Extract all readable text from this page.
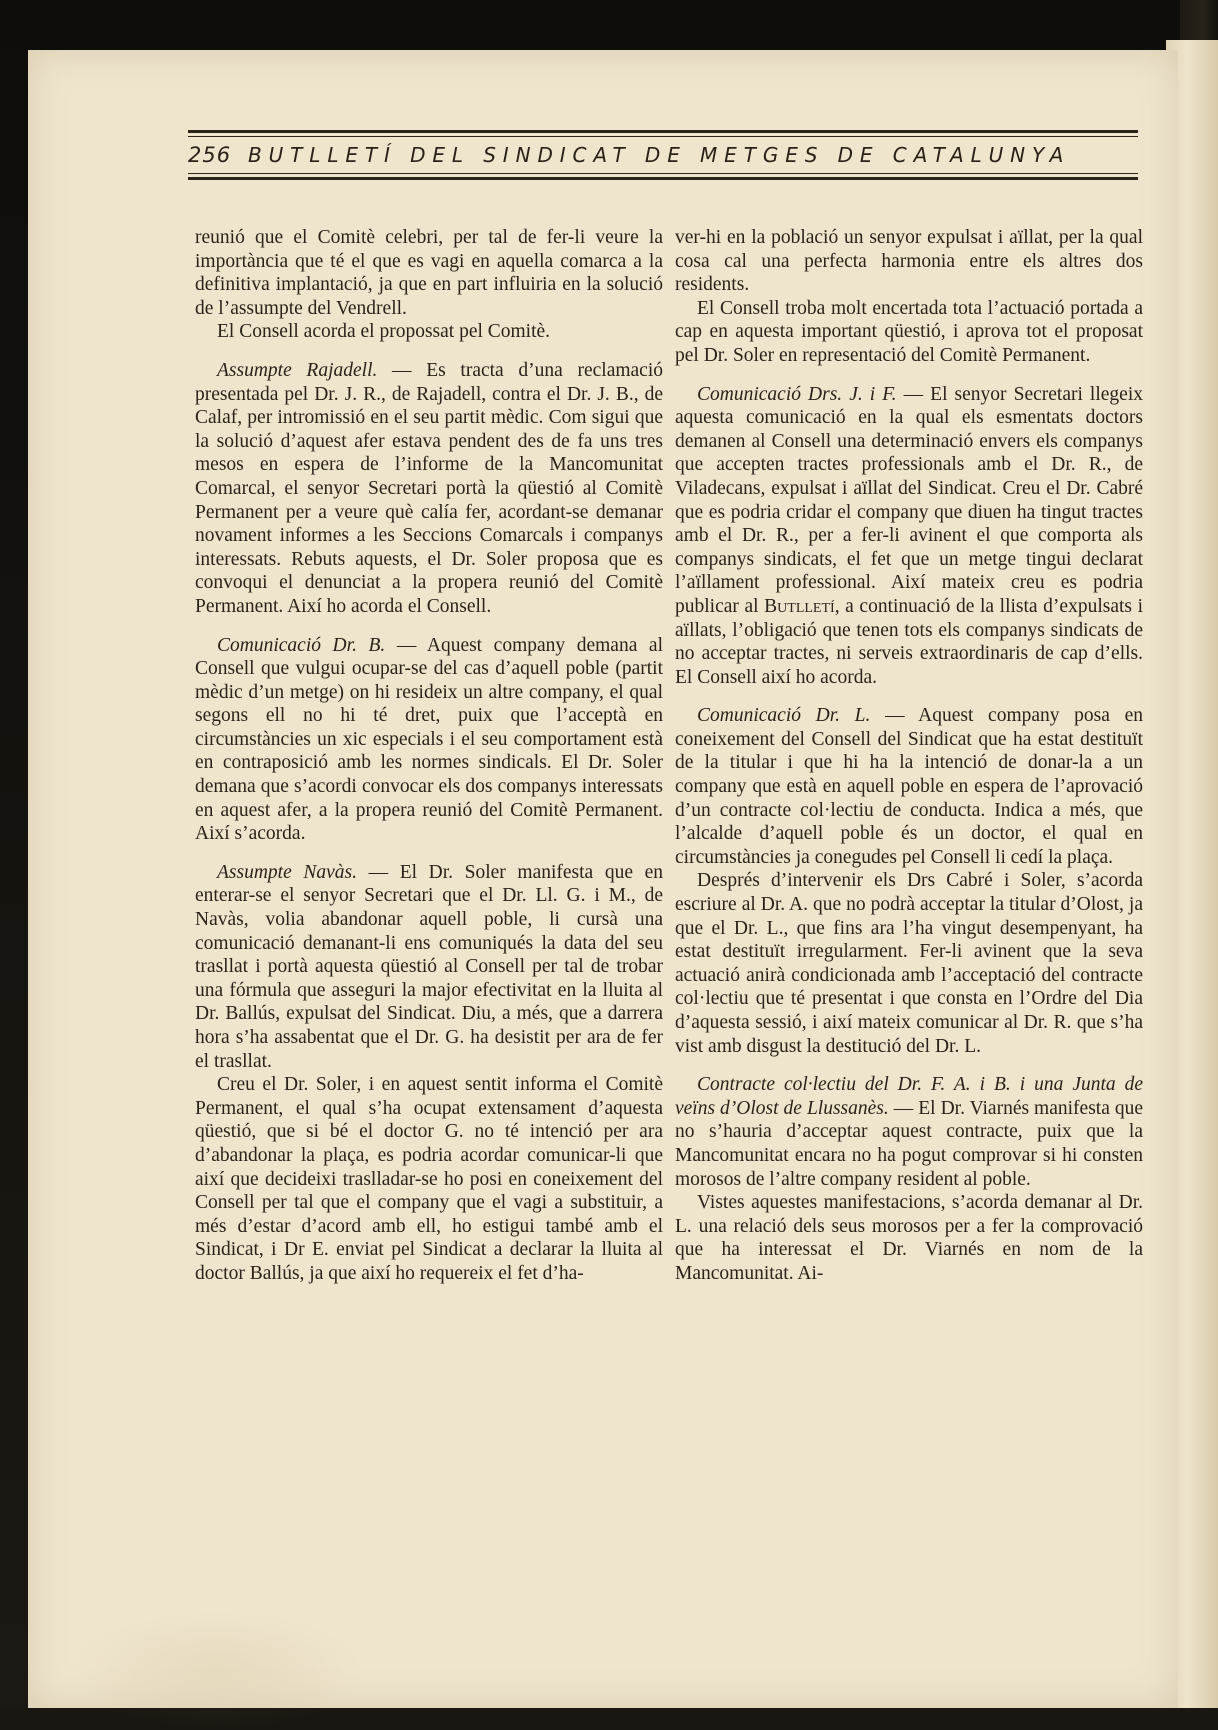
256 BUTLLETÍ DEL SINDICAT DE METGES DE CATALUNYA

reunió que el Comitè celebri, per tal de fer-li veure la importància que té el que es vagi en aquella comarca a la definitiva implantació, ja que en part influiria en la solució de l’assumpte del Vendrell.

El Consell acorda el propossat pel Comitè.

Assumpte Rajadell. — Es tracta d’una reclamació presentada pel Dr. J. R., de Rajadell, contra el Dr. J. B., de Calaf, per intromissió en el seu partit mèdic. Com sigui que la solució d’aquest afer estava pendent des de fa uns tres mesos en espera de l’informe de la Mancomunitat Comarcal, el senyor Secretari portà la qüestió al Comitè Permanent per a veure què calía fer, acordant-se demanar novament informes a les Seccions Comarcals i companys interessats. Rebuts aquests, el Dr. Soler proposa que es convoqui el denunciat a la propera reunió del Comitè Permanent. Així ho acorda el Consell.

Comunicació Dr. B. — Aquest company demana al Consell que vulgui ocupar-se del cas d’aquell poble (partit mèdic d’un metge) on hi resideix un altre company, el qual segons ell no hi té dret, puix que l’acceptà en circumstàncies un xic especials i el seu comportament està en contraposició amb les normes sindicals. El Dr. Soler demana que s’acordi convocar els dos companys interessats en aquest afer, a la propera reunió del Comitè Permanent. Així s’acorda.

Assumpte Navàs. — El Dr. Soler manifesta que en enterar-se el senyor Secretari que el Dr. Ll. G. i M., de Navàs, volia abandonar aquell poble, li cursà una comunicació demanant-li ens comuniqués la data del seu trasllat i portà aquesta qüestió al Consell per tal de trobar una fórmula que asseguri la major efectivitat en la lluita al Dr. Ballús, expulsat del Sindicat. Diu, a més, que a darrera hora s’ha assabentat que el Dr. G. ha desistit per ara de fer el trasllat.

Creu el Dr. Soler, i en aquest sentit informa el Comitè Permanent, el qual s’ha ocupat extensament d’aquesta qüestió, que si bé el doctor G. no té intenció per ara d’abandonar la plaça, es podria acordar comunicar-li que així que decideixi traslladar-se ho posi en coneixement del Consell per tal que el company que el vagi a substituir, a més d’estar d’acord amb ell, ho estigui també amb el Sindicat, i Dr E. enviat pel Sindicat a declarar la lluita al doctor Ballús, ja que així ho requereix el fet d’ha-

ver-hi en la població un senyor expulsat i aïllat, per la qual cosa cal una perfecta harmonia entre els altres dos residents.

El Consell troba molt encertada tota l’actuació portada a cap en aquesta important qüestió, i aprova tot el proposat pel Dr. Soler en representació del Comitè Permanent.

Comunicació Drs. J. i F. — El senyor Secretari llegeix aquesta comunicació en la qual els esmentats doctors demanen al Consell una determinació envers els companys que accepten tractes professionals amb el Dr. R., de Viladecans, expulsat i aïllat del Sindicat. Creu el Dr. Cabré que es podria cridar el company que diuen ha tingut tractes amb el Dr. R., per a fer-li avinent el que comporta als companys sindicats, el fet que un metge tingui declarat l’aïllament professional. Així mateix creu es podria publicar al Butlletí, a continuació de la llista d’expulsats i aïllats, l’obligació que tenen tots els companys sindicats de no acceptar tractes, ni serveis extraordinaris de cap d’ells. El Consell així ho acorda.

Comunicació Dr. L. — Aquest company posa en coneixement del Consell del Sindicat que ha estat destituït de la titular i que hi ha la intenció de donar-la a un company que està en aquell poble en espera de l’aprovació d’un contracte col·lectiu de conducta. Indica a més, que l’alcalde d’aquell poble és un doctor, el qual en circumstàncies ja conegudes pel Consell li cedí la plaça.

Després d’intervenir els Drs Cabré i Soler, s’acorda escriure al Dr. A. que no podrà acceptar la titular d’Olost, ja que el Dr. L., que fins ara l’ha vingut desempenyant, ha estat destituït irregularment. Fer-li avinent que la seva actuació anirà condicionada amb l’acceptació del contracte col·lectiu que té presentat i que consta en l’Ordre del Dia d’aquesta sessió, i així mateix comunicar al Dr. R. que s’ha vist amb disgust la destitució del Dr. L.

Contracte col·lectiu del Dr. F. A. i B. i una Junta de veïns d’Olost de Llussanès. — El Dr. Viarnés manifesta que no s’hauria d’acceptar aquest contracte, puix que la Mancomunitat encara no ha pogut comprovar si hi consten morosos de l’altre company resident al poble.

Vistes aquestes manifestacions, s’acorda demanar al Dr. L. una relació dels seus morosos per a fer la comprovació que ha interessat el Dr. Viarnés en nom de la Mancomunitat. Ai-
